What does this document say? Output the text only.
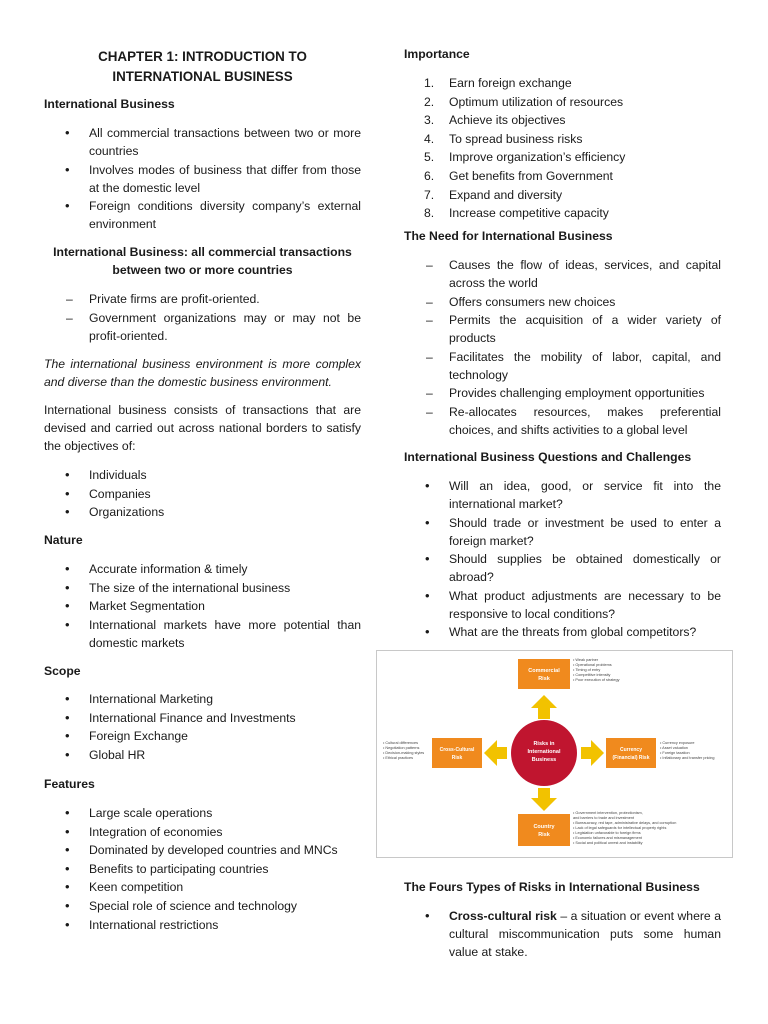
CHAPTER 1: INTRODUCTION TO
INTERNATIONAL BUSINESS

International Business

• All commercial transactions between two or more countries
• Involves modes of business that differ from those at the domestic level
• Foreign conditions diversity company’s external environment
International Business: all commercial transactions
between two or more countries
– Private firms are profit-oriented.
– Government organizations may or may not be profit-oriented.

The international business environment is more complex and diverse than the domestic business environment.

International business consists of transactions that are devised and carried out across national borders to satisfy the objectives of:

• Individuals
• Companies
• Organizations

Nature

• Accurate information & timely
• The size of the international business
• Market Segmentation
• International markets have more potential than domestic markets

Scope

• International Marketing
• International Finance and Investments
• Foreign Exchange
• Global HR

Features

• Large scale operations
• Integration of economies
• Dominated by developed countries and MNCs
• Benefits to participating countries
• Keen competition
• Special role of science and technology
• International restrictions

Importance

1. Earn foreign exchange
2. Optimum utilization of resources
3. Achieve its objectives
4. To spread business risks
5. Improve organization’s efficiency
6. Get benefits from Government
7. Expand and diversity
8. Increase competitive capacity

The Need for International Business

– Causes the flow of ideas, services, and capital across the world
– Offers consumers new choices
– Permits the acquisition of a wider variety of products
– Facilitates the mobility of labor, capital, and technology
– Provides challenging employment opportunities
– Re-allocates resources, makes preferential choices, and shifts activities to a global level

International Business Questions and Challenges

• Will an idea, good, or service fit into the international market?
• Should trade or investment be used to enter a foreign market?
• Should supplies be obtained domestically or abroad?
• What product adjustments are necessary to be responsive to local conditions?
• What are the threats from global competitors?
Risks in
International
Business
Commercial
Risk
Cross-Cultural
Risk
Currency
(Financial) Risk
Country
Risk
• Weak partner
• Operational problems
• Timing of entry
• Competitive intensity
• Poor execution of strategy
• Cultural differences
• Negotiation patterns
• Decision-making styles
• Ethical practices
• Currency exposure
• Asset valuation
• Foreign taxation
• Inflationary and transfer pricing
• Government intervention, protectionism,
and barriers to trade and investment
• Bureaucracy, red tape, administrative delays, and corruption
• Lack of legal safeguards for intellectual property rights
• Legislation unfavorable to foreign firms
• Economic failures and mismanagement
• Social and political unrest and instability

The Fours Types of Risks in International Business

• Cross-cultural risk – a situation or event where a cultural miscommunication puts some human value at stake.
